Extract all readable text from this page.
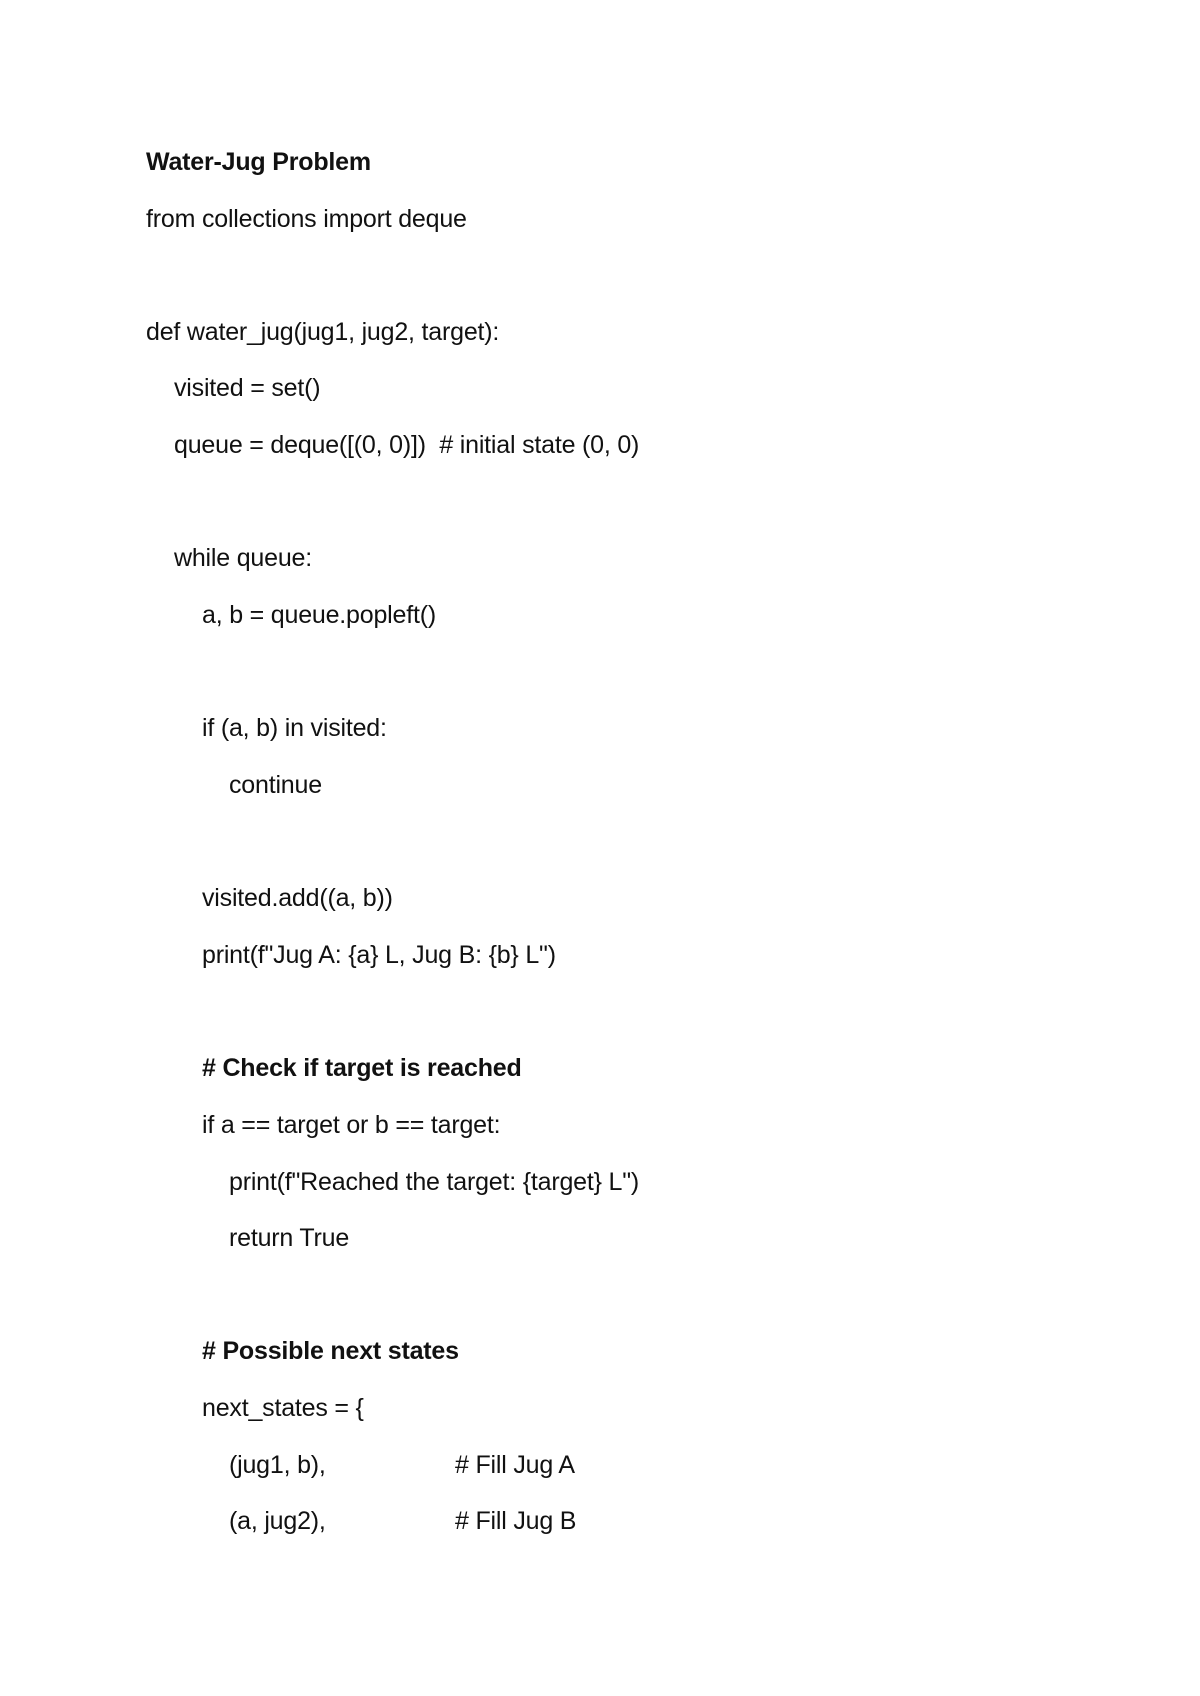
Water-Jug Problem
from collections import deque
def water_jug(jug1, jug2, target):
visited = set()
queue = deque([(0, 0)])  # initial state (0, 0)
while queue:
a, b = queue.popleft()
if (a, b) in visited:
continue
visited.add((a, b))
print(f"Jug A: {a} L, Jug B: {b} L")
# Check if target is reached
if a == target or b == target:
print(f"Reached the target: {target} L")
return True
# Possible next states
next_states = {
(jug1, b),	# Fill Jug A
(a, jug2),	# Fill Jug B
